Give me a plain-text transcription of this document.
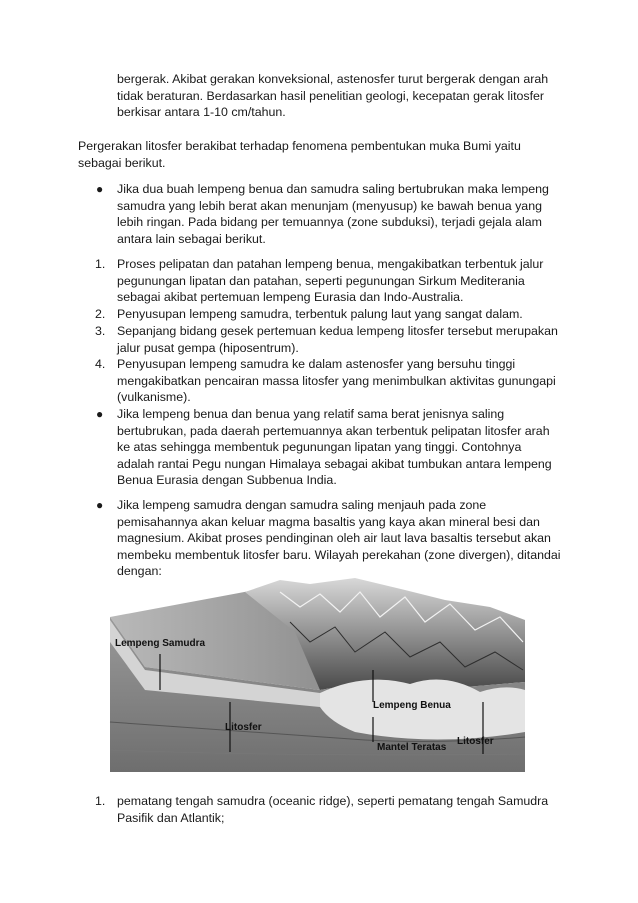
bergerak. Akibat gerakan konveksional, astenosfer turut bergerak dengan arah tidak beraturan. Berdasarkan hasil penelitian geologi, kecepatan gerak litosfer berkisar antara 1-10 cm/tahun.

Pergerakan litosfer berakibat terhadap fenomena pembentukan muka Bumi yaitu sebagai berikut.

● Jika dua buah lempeng benua dan samudra saling bertubrukan maka lempeng samudra yang lebih berat akan menunjam (menyusup) ke bawah benua yang lebih ringan. Pada bidang per temuannya (zone subduksi), terjadi gejala alam antara lain sebagai berikut.
1. Proses pelipatan dan patahan lempeng benua, mengakibatkan terbentuk jalur pegunungan lipatan dan patahan, seperti pegunungan Sirkum Mediterania sebagai akibat pertemuan lempeng Eurasia dan Indo-Australia.
2. Penyusupan lempeng samudra, terbentuk palung laut yang sangat dalam.
3. Sepanjang bidang gesek pertemuan kedua lempeng litosfer tersebut merupakan jalur pusat gempa (hiposentrum).
4. Penyusupan lempeng samudra ke dalam astenosfer yang bersuhu tinggi mengakibatkan pencairan massa litosfer yang menimbulkan aktivitas gunungapi (vulkanisme).
● Jika lempeng benua dan benua yang relatif sama berat jenisnya saling bertubrukan, pada daerah pertemuannya akan terbentuk pelipatan litosfer arah ke atas sehingga membentuk pegunungan lipatan yang tinggi. Contohnya adalah rantai Pegu nungan Himalaya sebagai akibat tumbukan antara lempeng Benua Eurasia dengan Subbenua India.
● Jika lempeng samudra dengan samudra saling menjauh pada zone pemisahannya akan keluar magma basaltis yang kaya akan mineral besi dan magnesium. Akibat proses pendinginan oleh air laut lava basaltis tersebut akan membeku membentuk litosfer baru. Wilayah perekahan (zone divergen), ditandai dengan:
Lempeng Samudra
Lempeng Benua
Litosfer
Mantel Teratas
Litosfer
1. pematang tengah samudra (oceanic ridge), seperti pematang tengah Samudra Pasifik dan Atlantik;
